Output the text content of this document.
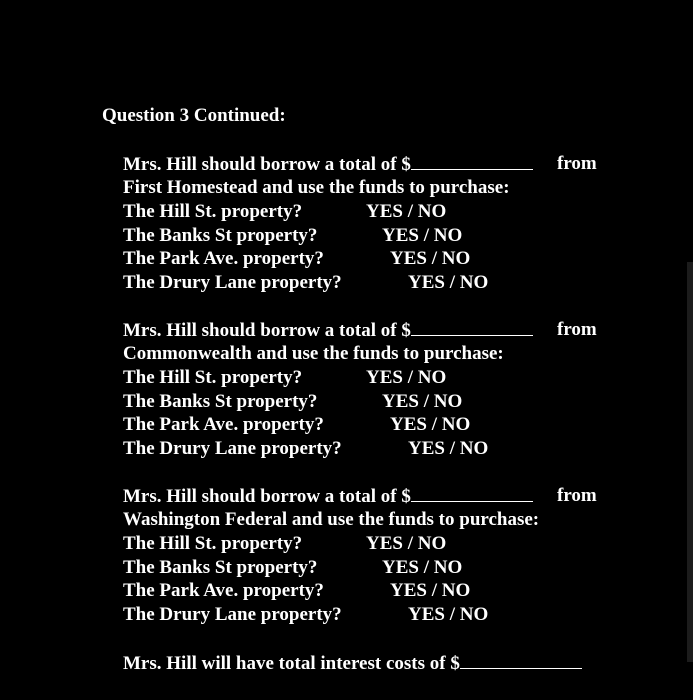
Question 3 Continued:
Mrs. Hill should borrow a total of $	from
First Homestead and use the funds to purchase:
The Hill St. property?	YES / NO
The Banks St property?	YES / NO
The Park Ave. property?	YES / NO
The Drury Lane property?	YES / NO
Mrs. Hill should borrow a total of $	from
Commonwealth and use the funds to purchase:
The Hill St. property?	YES / NO
The Banks St property?	YES / NO
The Park Ave. property?	YES / NO
The Drury Lane property?	YES / NO
Mrs. Hill should borrow a total of $	from
Washington Federal and use the funds to purchase:
The Hill St. property?	YES / NO
The Banks St property?	YES / NO
The Park Ave. property?	YES / NO
The Drury Lane property?	YES / NO
Mrs. Hill will have total interest costs of $
